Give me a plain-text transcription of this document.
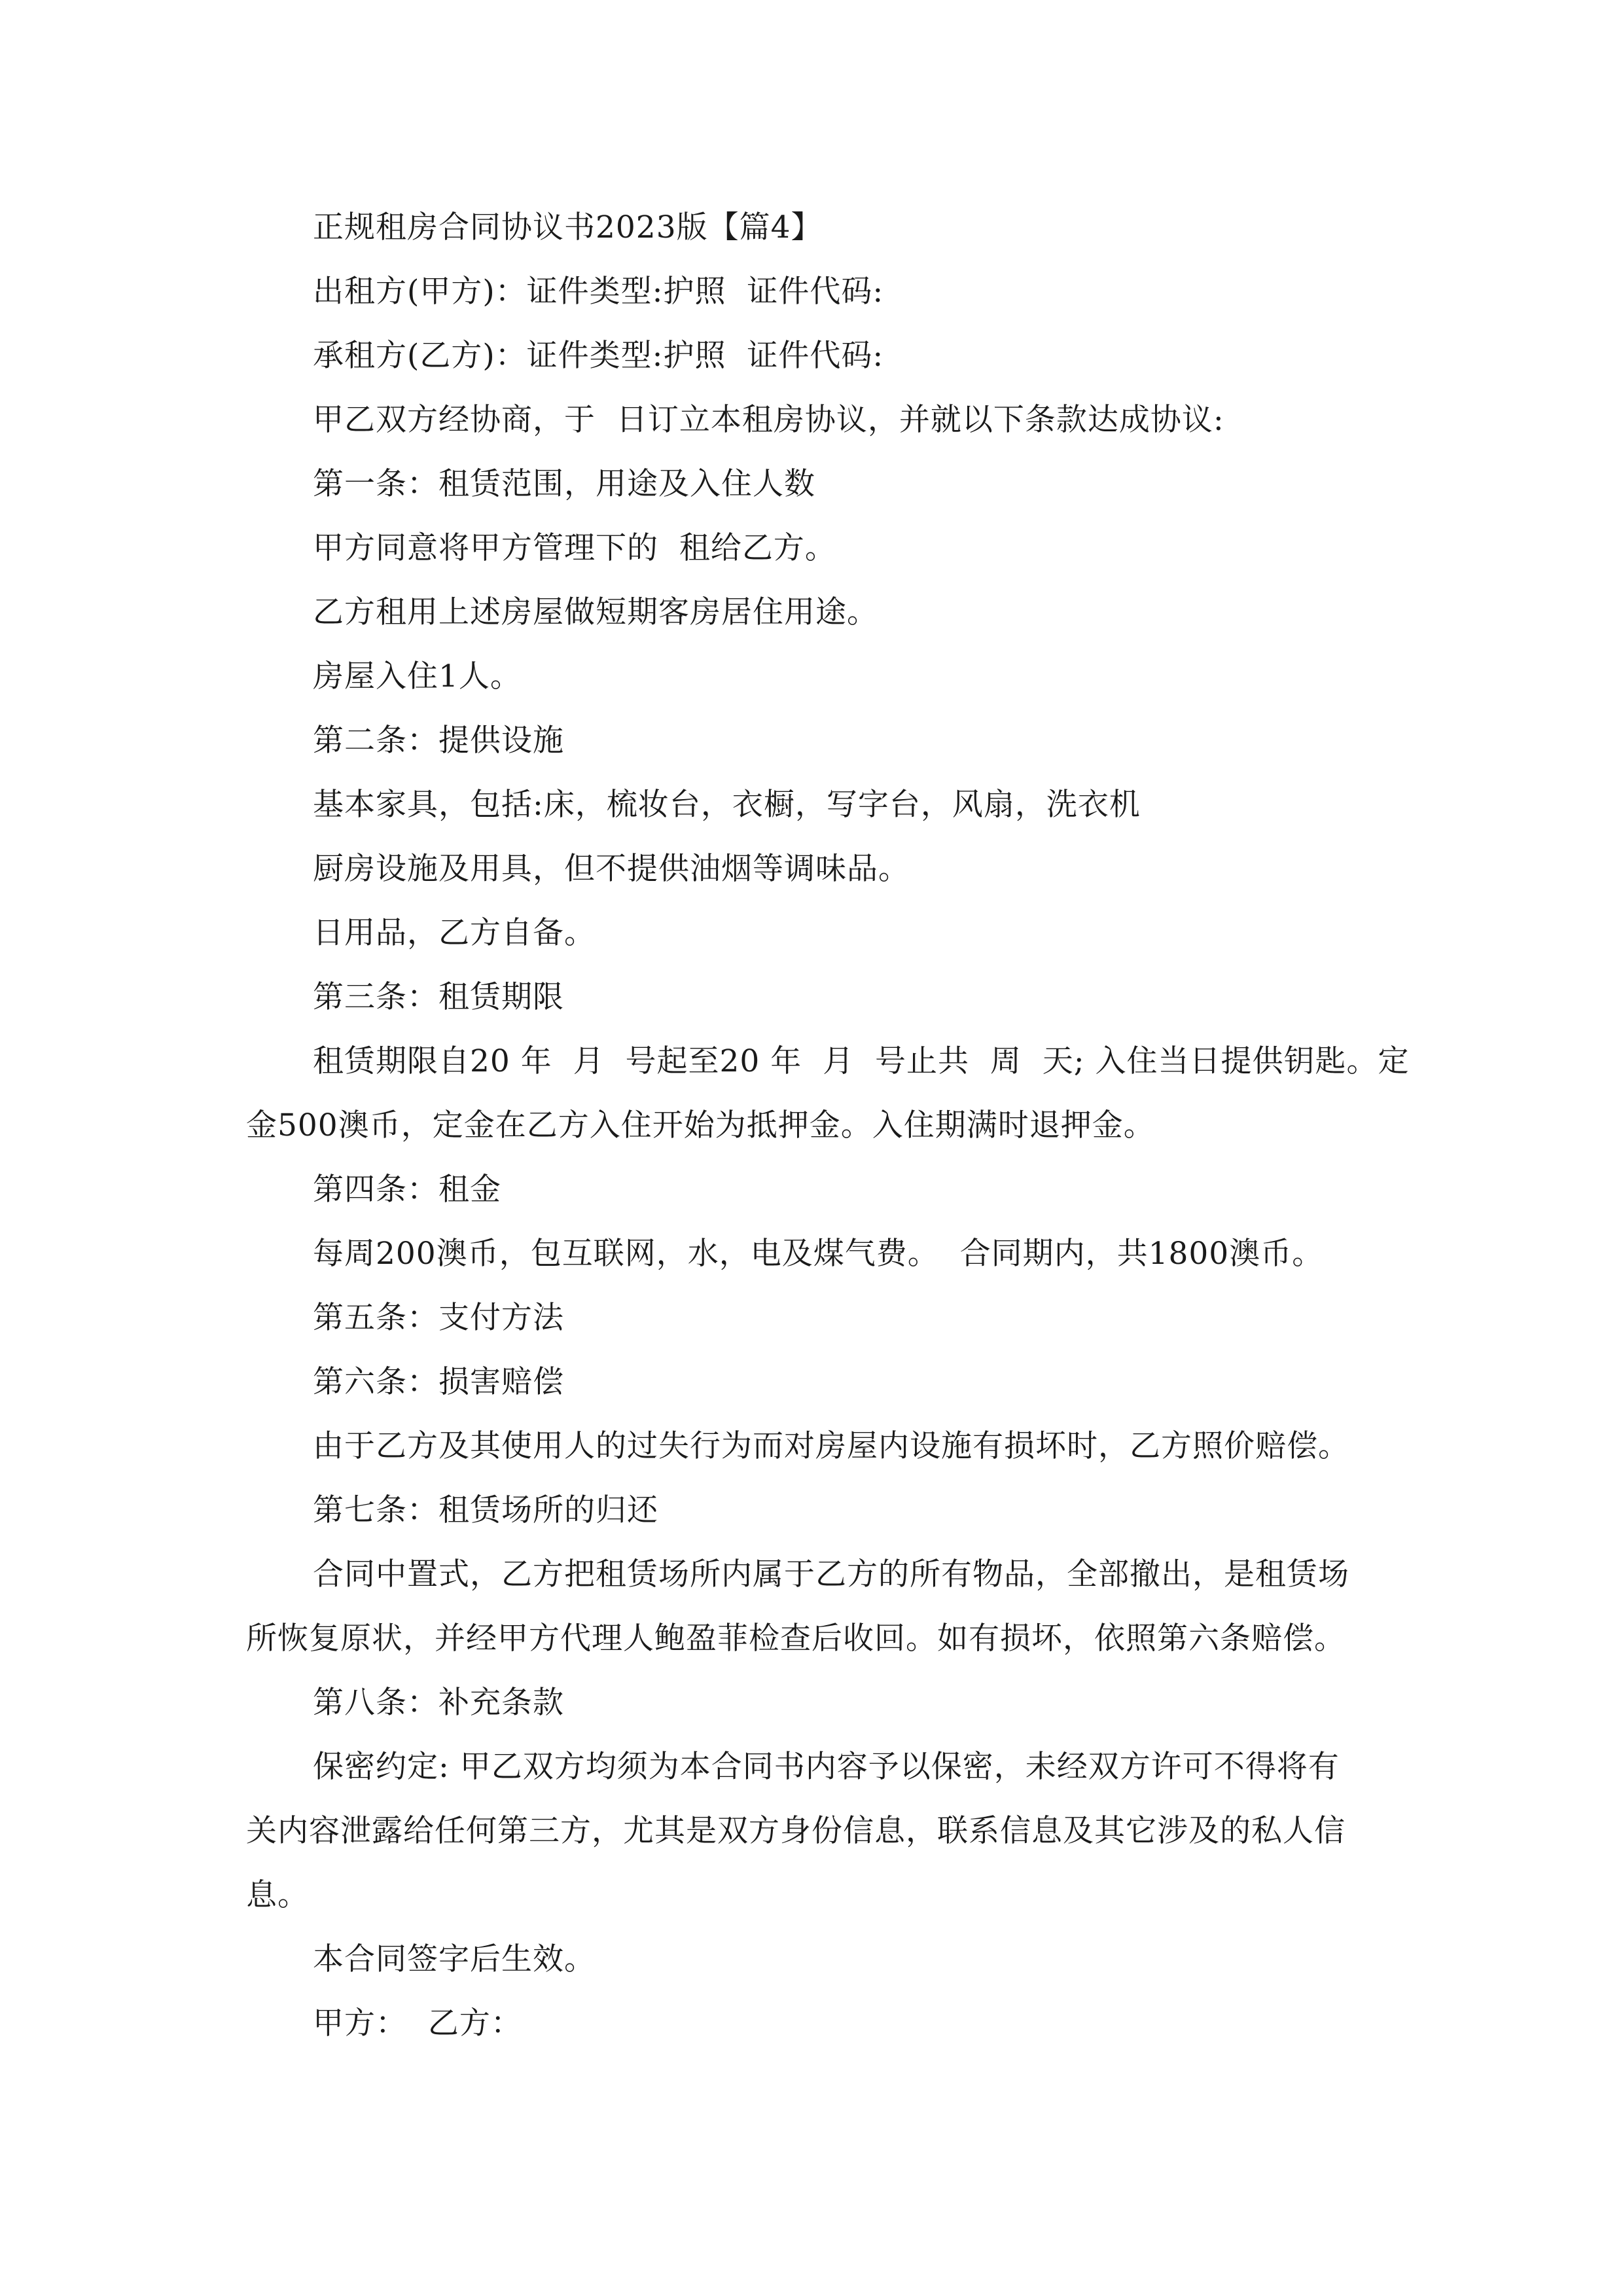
正规租房合同协议书2023版【篇4】
出租方(甲方)：证件类型:护照  证件代码:
承租方(乙方)：证件类型:护照  证件代码:
甲乙双方经协商，于  日订立本租房协议，并就以下条款达成协议:
第一条：租赁范围，用途及入住人数
甲方同意将甲方管理下的  租给乙方。
乙方租用上述房屋做短期客房居住用途。
房屋入住1人。
第二条：提供设施
基本家具，包括:床，梳妆台，衣橱，写字台，风扇，洗衣机
厨房设施及用具，但不提供油烟等调味品。
日用品，乙方自备。
第三条：租赁期限
租赁期限自20 年  月  号起至20 年  月  号止共  周  天; 入住当日提供钥匙。定
金500澳币，定金在乙方入住开始为抵押金。入住期满时退押金。
第四条：租金
每周200澳币，包互联网，水，电及煤气费。  合同期内，共1800澳币。
第五条：支付方法
第六条：损害赔偿
由于乙方及其使用人的过失行为而对房屋内设施有损坏时，乙方照价赔偿。
第七条：租赁场所的归还
合同中置式，乙方把租赁场所内属于乙方的所有物品，全部撤出，是租赁场
所恢复原状，并经甲方代理人鲍盈菲检查后收回。如有损坏，依照第六条赔偿。
第八条：补充条款
保密约定: 甲乙双方均须为本合同书内容予以保密，未经双方许可不得将有
关内容泄露给任何第三方，尤其是双方身份信息，联系信息及其它涉及的私人信
息。
本合同签字后生效。
甲方：  乙方：
